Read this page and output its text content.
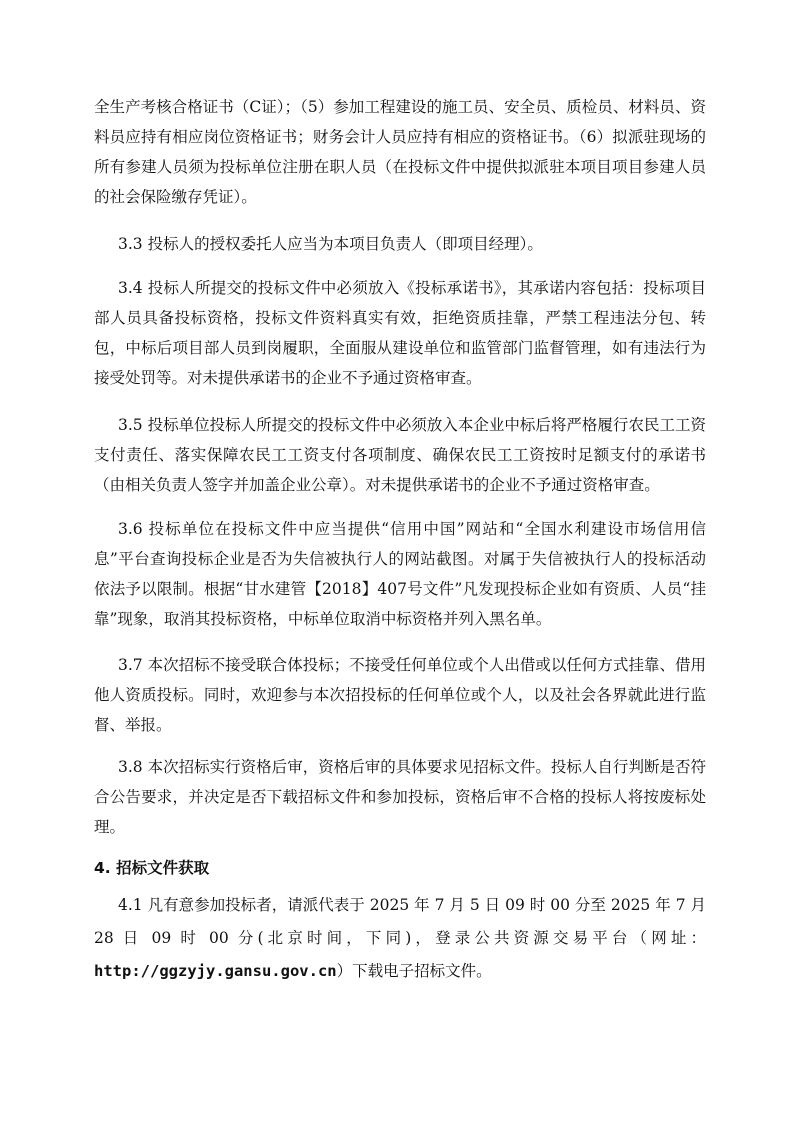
全生产考核合格证书（C证）；（5）参加工程建设的施工员、安全员、质检员、材料员、资料员应持有相应岗位资格证书；财务会计人员应持有相应的资格证书。（6）拟派驻现场的所有参建人员须为投标单位注册在职人员（在投标文件中提供拟派驻本项目项目参建人员的社会保险缴存凭证）。

3.3 投标人的授权委托人应当为本项目负责人（即项目经理）。

3.4 投标人所提交的投标文件中必须放入《投标承诺书》，其承诺内容包括：投标项目部人员具备投标资格，投标文件资料真实有效，拒绝资质挂靠，严禁工程违法分包、转包，中标后项目部人员到岗履职，全面服从建设单位和监管部门监督管理，如有违法行为接受处罚等。对未提供承诺书的企业不予通过资格审查。

3.5 投标单位投标人所提交的投标文件中必须放入本企业中标后将严格履行农民工工资支付责任、落实保障农民工工资支付各项制度、确保农民工工资按时足额支付的承诺书（由相关负责人签字并加盖企业公章）。对未提供承诺书的企业不予通过资格审查。

3.6 投标单位在投标文件中应当提供“信用中国”网站和“全国水利建设市场信用信息”平台查询投标企业是否为失信被执行人的网站截图。对属于失信被执行人的投标活动依法予以限制。根据“甘水建管【2018】407号文件”凡发现投标企业如有资质、人员“挂靠”现象，取消其投标资格，中标单位取消中标资格并列入黑名单。

3.7 本次招标不接受联合体投标；不接受任何单位或个人出借或以任何方式挂靠、借用他人资质投标。同时，欢迎参与本次招投标的任何单位或个人，以及社会各界就此进行监督、举报。

3.8 本次招标实行资格后审，资格后审的具体要求见招标文件。投标人自行判断是否符合公告要求，并决定是否下载招标文件和参加投标，资格后审不合格的投标人将按废标处理。

4. 招标文件获取

4.1 凡有意参加投标者，请派代表于 2025 年 7 月 5 日 09 时 00 分至 2025 年 7 月 28 日 09 时 00 分(北京时间，下同)，登录公共资源交易平台（网址：http://ggzyjy.gansu.gov.cn）下载电子招标文件。
